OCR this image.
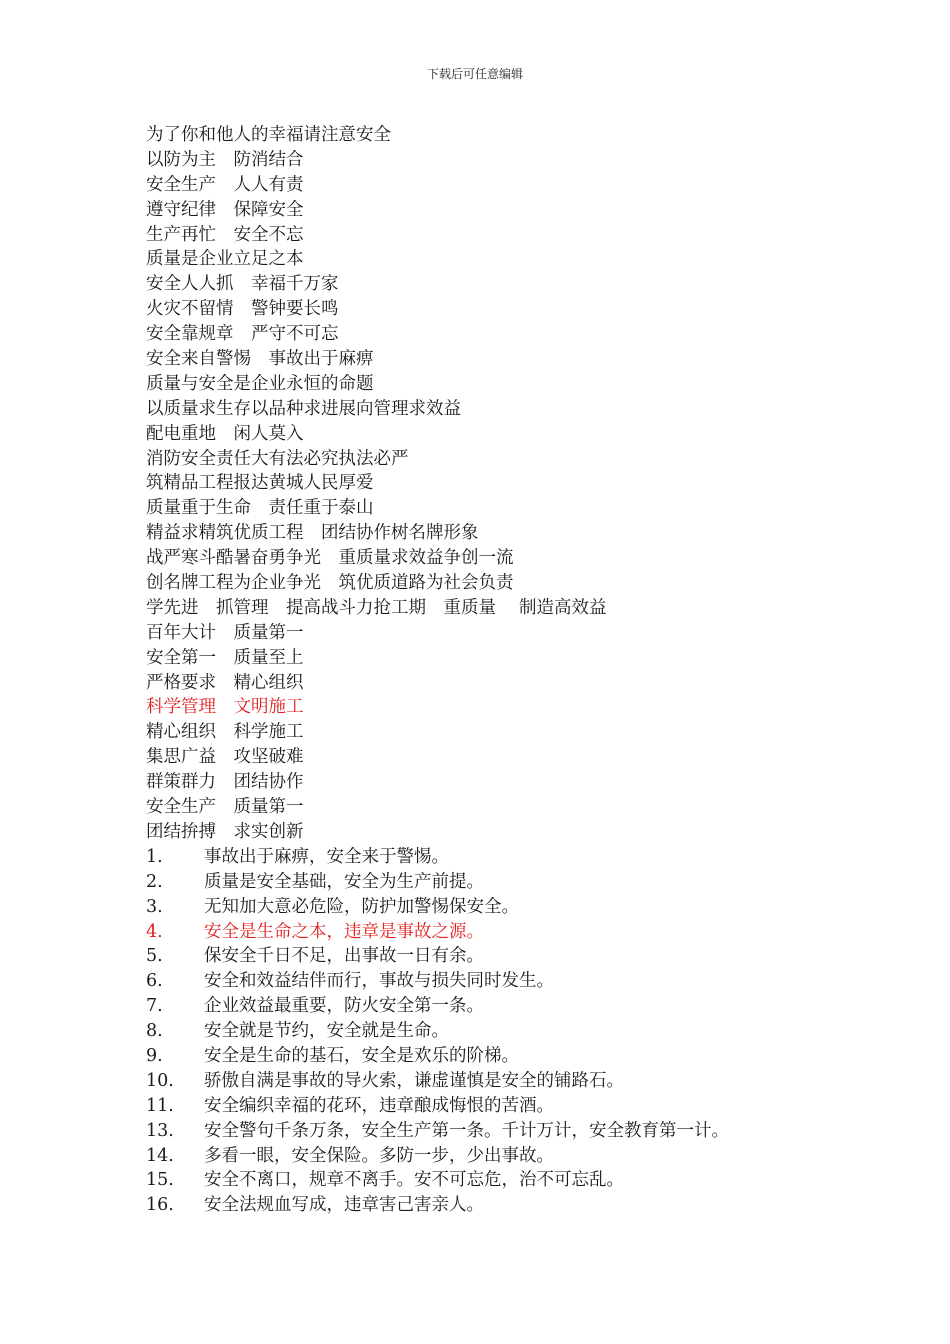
下载后可任意编辑
为了你和他人的幸福请注意安全
以防为主　防消结合
安全生产　人人有责
遵守纪律　保障安全
生产再忙　安全不忘
质量是企业立足之本
安全人人抓　幸福千万家
火灾不留情　警钟要长鸣
安全靠规章　严守不可忘
安全来自警惕　事故出于麻痹
质量与安全是企业永恒的命题
以质量求生存以品种求进展向管理求效益
配电重地　闲人莫入
消防安全责任大有法必究执法必严
筑精品工程报达黄城人民厚爱
质量重于生命　责任重于泰山
精益求精筑优质工程　团结协作树名牌形象
战严寒斗酷暑奋勇争光　重质量求效益争创一流
创名牌工程为企业争光　筑优质道路为社会负责
学先进　抓管理　提高战斗力抢工期　重质量　 制造高效益
百年大计　质量第一
安全第一　质量至上
严格要求　精心组织
科学管理　文明施工
精心组织　科学施工
集思广益　攻坚破难
群策群力　团结协作
安全生产　质量第一
团结拚搏　求实创新
1. 事故出于麻痹，安全来于警惕。
2. 质量是安全基础，安全为生产前提。
3. 无知加大意必危险，防护加警惕保安全。
4. 安全是生命之本，违章是事故之源。
5. 保安全千日不足，出事故一日有余。
6. 安全和效益结伴而行，事故与损失同时发生。
7. 企业效益最重要，防火安全第一条。
8. 安全就是节约，安全就是生命。
9. 安全是生命的基石，安全是欢乐的阶梯。
10. 骄傲自满是事故的导火索，谦虚谨慎是安全的铺路石。
11. 安全编织幸福的花环，违章酿成悔恨的苦酒。
13. 安全警句千条万条，安全生产第一条。千计万计，安全教育第一计。
14. 多看一眼，安全保险。多防一步，少出事故。
15. 安全不离口，规章不离手。安不可忘危，治不可忘乱。
16. 安全法规血写成，违章害己害亲人。
